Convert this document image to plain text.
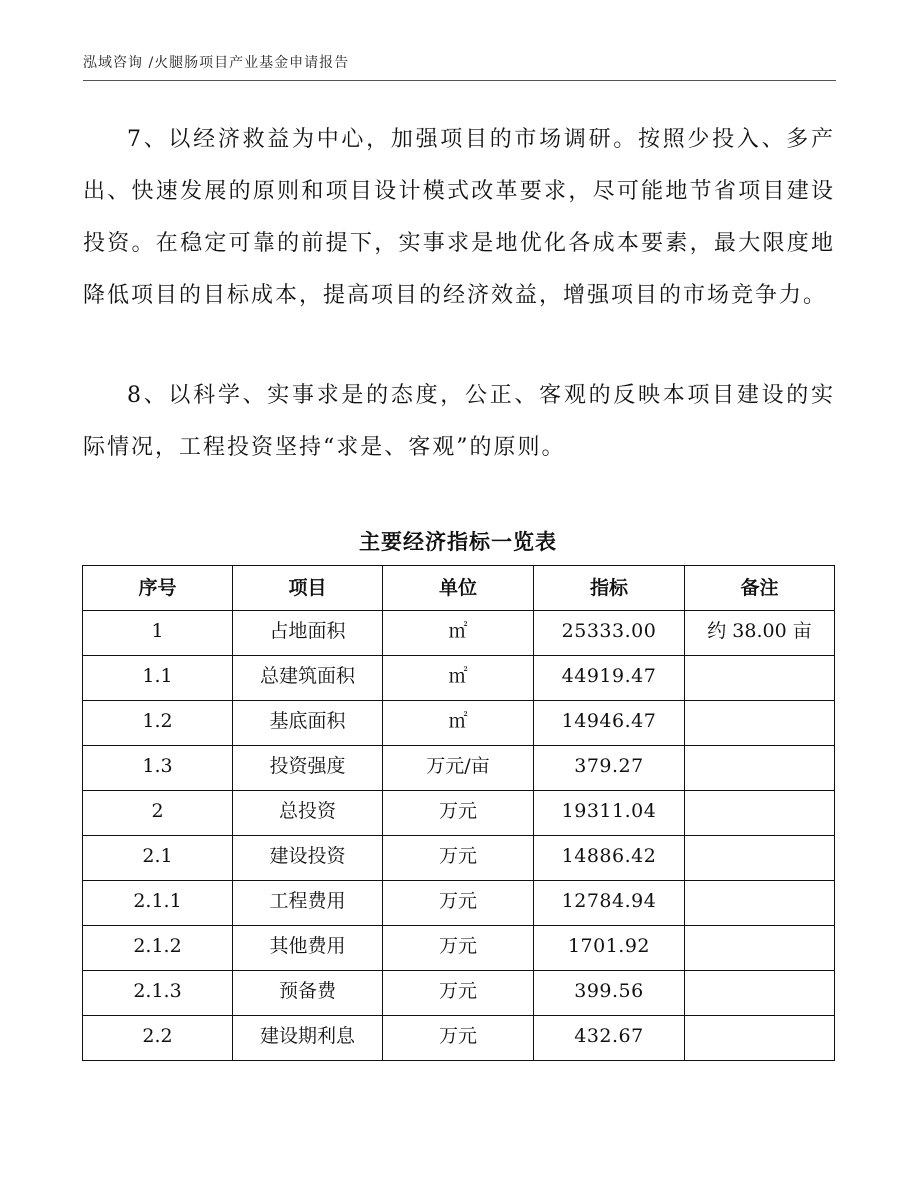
泓域咨询 /火腿肠项目产业基金申请报告

7、以经济救益为中心，加强项目的市场调研。按照少投入、多产出、快速发展的原则和项目设计模式改革要求，尽可能地节省项目建设投资。在稳定可靠的前提下，实事求是地优化各成本要素，最大限度地降低项目的目标成本，提高项目的经济效益，增强项目的市场竞争力。

8、以科学、实事求是的态度，公正、客观的反映本项目建设的实际情况，工程投资坚持“求是、客观”的原则。

主要经济指标一览表
序号	项目	单位	指标	备注
1	占地面积	㎡	25333.00	约 38.00 亩
1.1	总建筑面积	㎡	44919.47	
1.2	基底面积	㎡	14946.47	
1.3	投资强度	万元/亩	379.27	
2	总投资	万元	19311.04	
2.1	建设投资	万元	14886.42	
2.1.1	工程费用	万元	12784.94	
2.1.2	其他费用	万元	1701.92	
2.1.3	预备费	万元	399.56	
2.2	建设期利息	万元	432.67	
